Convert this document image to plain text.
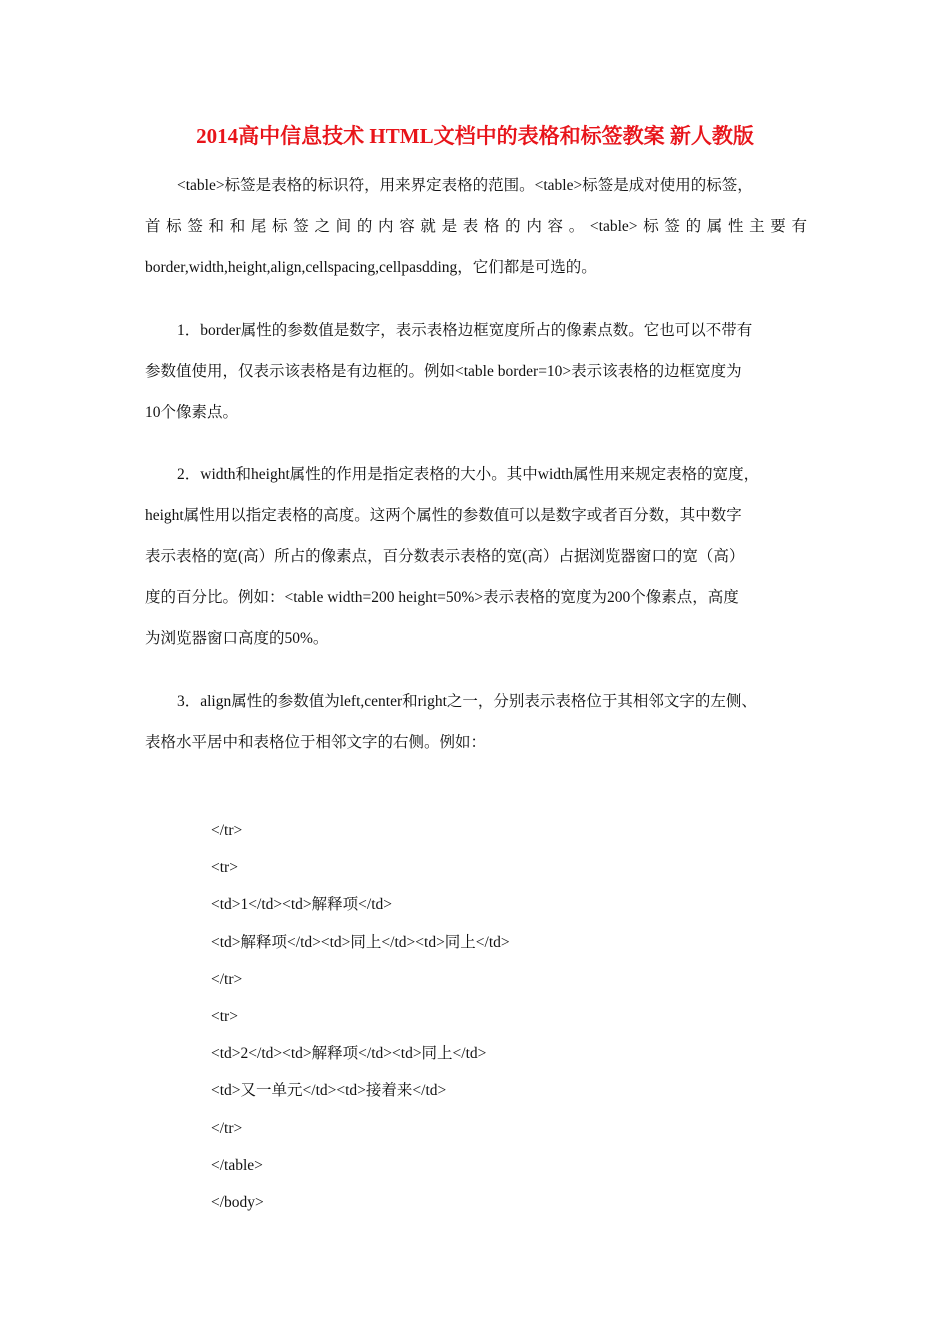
2014高中信息技术 HTML文档中的表格和标签教案 新人教版
<table>标签是表格的标识符，用来界定表格的范围。<table>标签是成对使用的标签，
首标签和和尾标签之间的内容就是表格的内容。<table>标签的属性主要有
border,width,height,align,cellspacing,cellpasdding，它们都是可选的。
1．border属性的参数值是数字，表示表格边框宽度所占的像素点数。它也可以不带有
参数值使用，仅表示该表格是有边框的。例如<table border=10>表示该表格的边框宽度为
10个像素点。
2．width和height属性的作用是指定表格的大小。其中width属性用来规定表格的宽度，
height属性用以指定表格的高度。这两个属性的参数值可以是数字或者百分数，其中数字
表示表格的宽(高）所占的像素点，百分数表示表格的宽(高）占据浏览器窗口的宽（高）
度的百分比。例如：<table width=200 height=50%>表示表格的宽度为200个像素点，高度
为浏览器窗口高度的50%。
3．align属性的参数值为left,center和right之一，分别表示表格位于其相邻文字的左侧、
表格水平居中和表格位于相邻文字的右侧。例如：
</tr>
<tr>
<td>1</td><td>解释项</td>
<td>解释项</td><td>同上</td><td>同上</td>
</tr>
<tr>
<td>2</td><td>解释项</td><td>同上</td>
<td>又一单元</td><td>接着来</td>
</tr>
</table>
</body>
